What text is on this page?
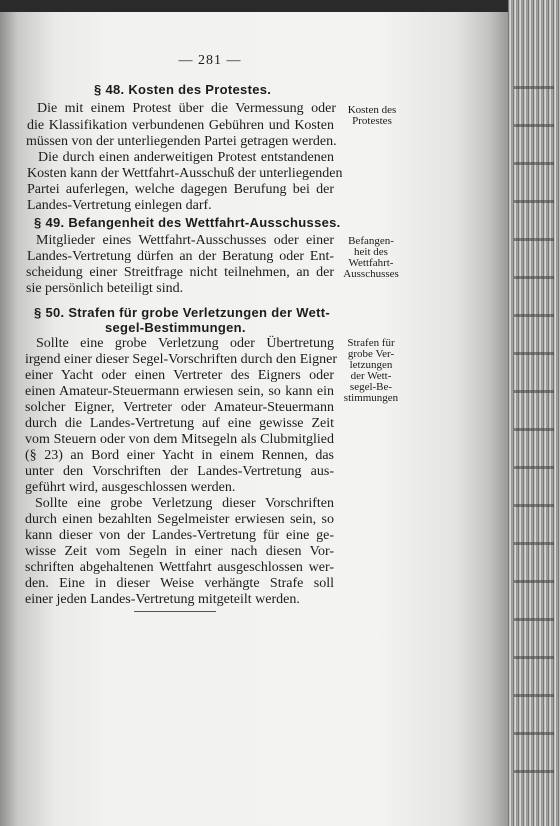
— 281 —
§ 48. Kosten des Protestes.
Die mit einem Protest über die Vermessung oder
die Klassifikation verbundenen Gebühren und Kosten
müssen von der unterliegenden Partei getragen werden.
Die durch einen anderweitigen Protest entstandenen
Kosten kann der Wettfahrt-Ausschuß der unterliegenden
Partei auferlegen, welche dagegen Berufung bei der
Landes-Vertretung einlegen darf.
Kosten des
Protestes
§ 49. Befangenheit des Wettfahrt-Ausschusses.
Mitglieder eines Wettfahrt-Ausschusses oder einer
Landes-Vertretung dürfen an der Beratung oder Ent-
scheidung einer Streitfrage nicht teilnehmen, an der
sie persönlich beteiligt sind.
Befangen-
heit des
Wettfahrt-
Ausschusses
§ 50. Strafen für grobe Verletzungen der Wett-
segel-Bestimmungen.
Sollte eine grobe Verletzung oder Übertretung
irgend einer dieser Segel-Vorschriften durch den Eigner
einer Yacht oder einen Vertreter des Eigners oder
einen Amateur-Steuermann erwiesen sein, so kann ein
solcher Eigner, Vertreter oder Amateur-Steuermann
durch die Landes-Vertretung auf eine gewisse Zeit
vom Steuern oder von dem Mitsegeln als Clubmitglied
(§ 23) an Bord einer Yacht in einem Rennen, das
unter den Vorschriften der Landes-Vertretung aus-
geführt wird, ausgeschlossen werden.
Sollte eine grobe Verletzung dieser Vorschriften
durch einen bezahlten Segelmeister erwiesen sein, so
kann dieser von der Landes-Vertretung für eine ge-
wisse Zeit vom Segeln in einer nach diesen Vor-
schriften abgehaltenen Wettfahrt ausgeschlossen wer-
den. Eine in dieser Weise verhängte Strafe soll
einer jeden Landes-Vertretung mitgeteilt werden.
Strafen für
grobe Ver-
letzungen
der Wett-
segel-Be-
stimmungen
